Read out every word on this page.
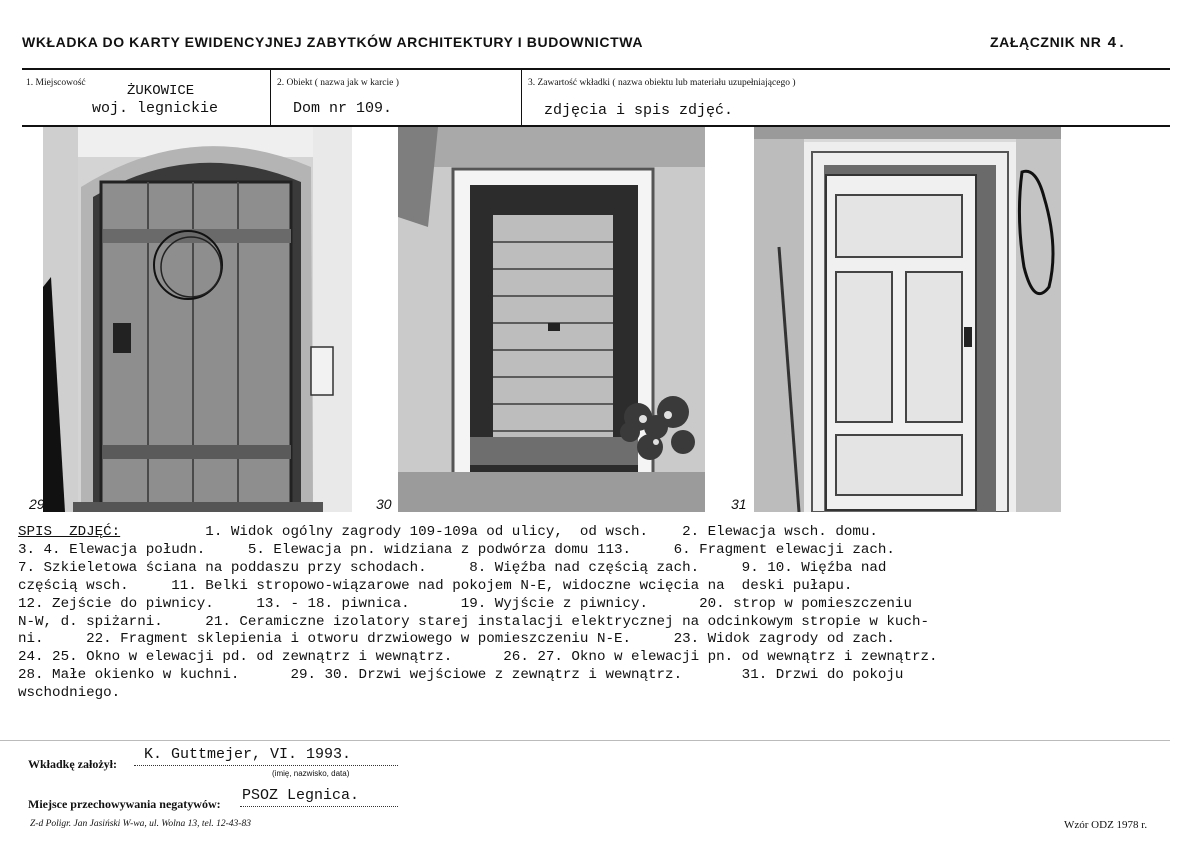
WKŁADKA DO KARTY EWIDENCYJNEJ ZABYTKÓW ARCHITEKTURY I BUDOWNICTWA	ZAŁĄCZNIK NR 4.
1. Miejscowość	ŻUKOWICE
woj. legnickie
2. Obiekt ( nazwa jak w karcie )
Dom nr 109.
3. Zawartość wkładki ( nazwa obiektu lub materiału uzupełniającego )
zdjęcia i spis zdjęć.
29	30	31
SPIS  ZDJĘĆ:          1. Widok ogólny zagrody 109-109a od ulicy,  od wsch.    2. Elewacja wsch. domu.
3. 4. Elewacja połudn.     5. Elewacja pn. widziana z podwórza domu 113.     6. Fragment elewacji zach.
7. Szkieletowa ściana na poddaszu przy schodach.     8. Więźba nad częścią zach.     9. 10. Więźba nad
częścią wsch.     11. Belki stropowo-wiązarowe nad pokojem N-E, widoczne wcięcia na  deski pułapu.
12. Zejście do piwnicy.     13. - 18. piwnica.      19. Wyjście z piwnicy.      20. strop w pomieszczeniu
N-W, d. spiżarni.     21. Ceramiczne izolatory starej instalacji elektrycznej na odcinkowym stropie w kuch-
ni.     22. Fragment sklepienia i otworu drzwiowego w pomieszczeniu N-E.     23. Widok zagrody od zach.
24. 25. Okno w elewacji pd. od zewnątrz i wewnątrz.      26. 27. Okno w elewacji pn. od wewnątrz i zewnątrz.
28. Małe okienko w kuchni.      29. 30. Drzwi wejściowe z zewnątrz i wewnątrz.       31. Drzwi do pokoju
wschodniego.
Wkładkę założył:
K. Guttmejer, VI. 1993.
(imię, nazwisko, data)
Miejsce przechowywania negatywów: PSOZ Legnica.
Z-d Poligr. Jan Jasiński W-wa, ul. Wolna 13, tel. 12-43-83	Wzór ODZ 1978 r.
